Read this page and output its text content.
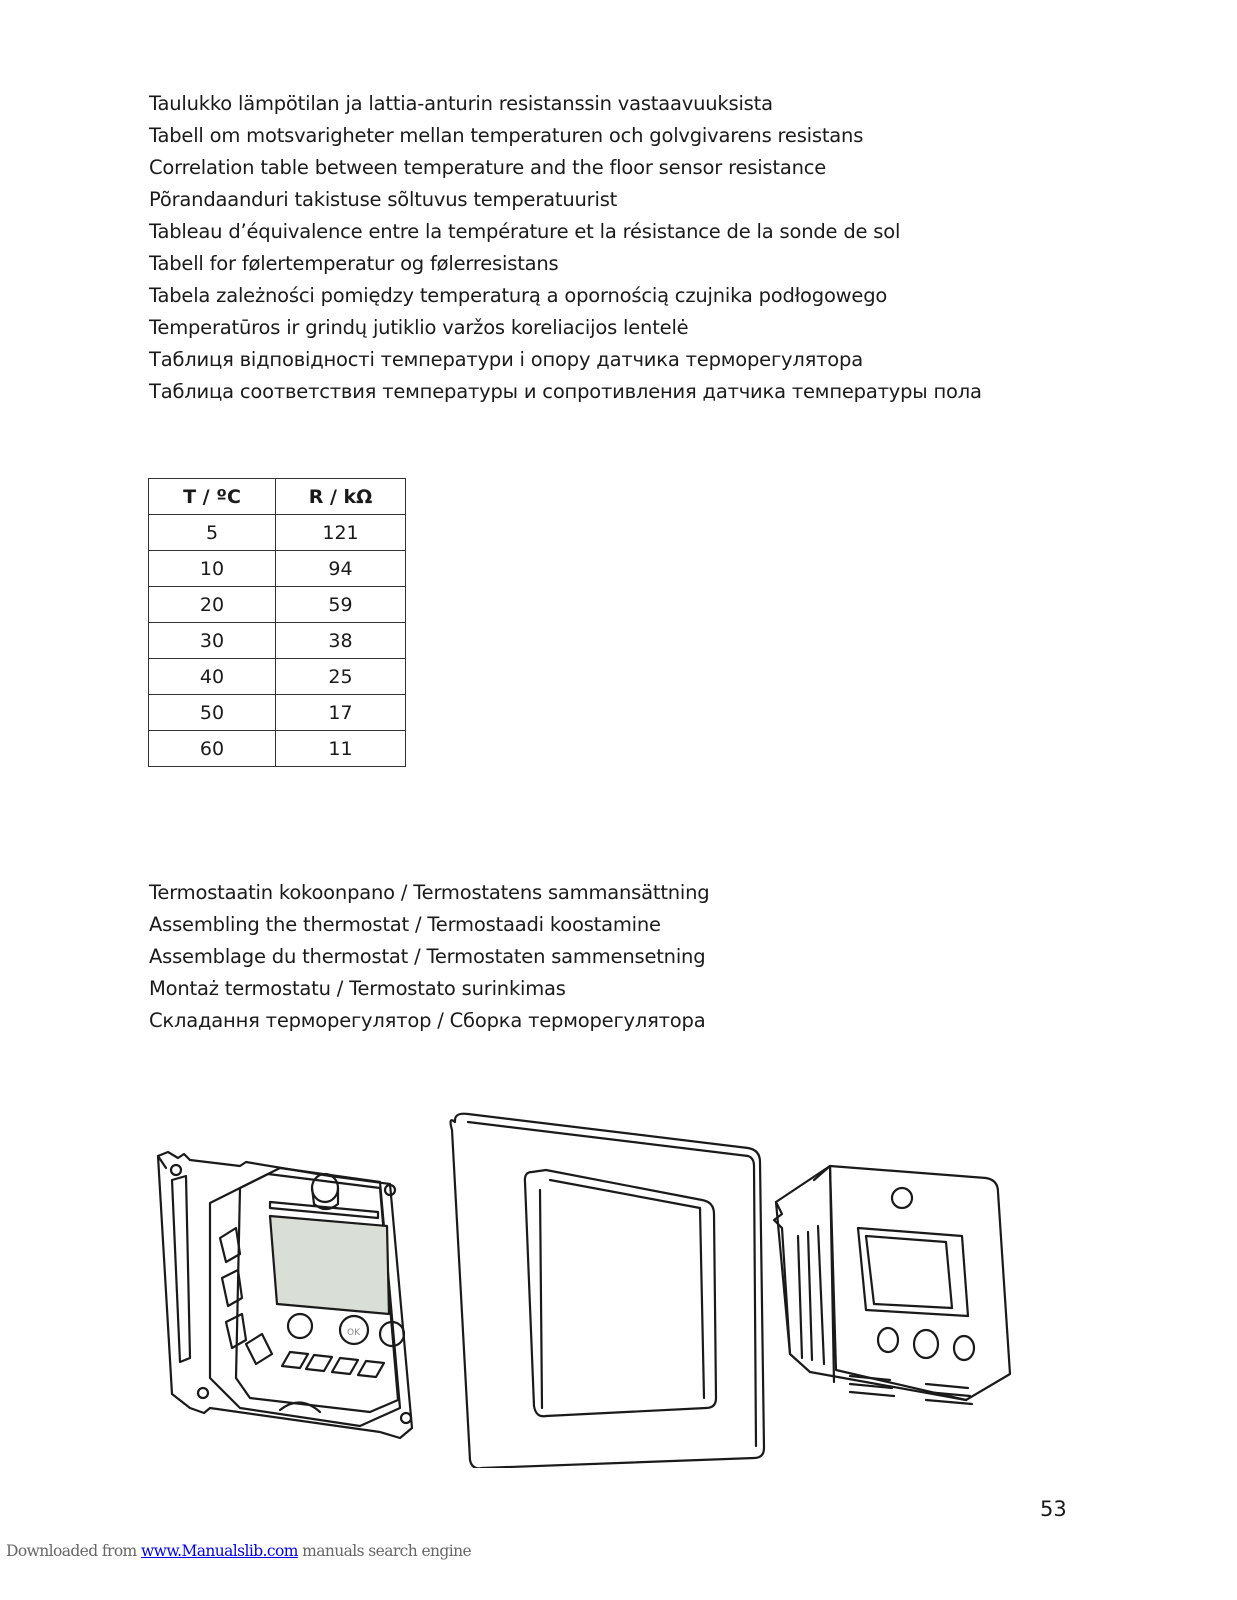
Taulukko lämpötilan ja lattia-anturin resistanssin vastaavuuksista
Tabell om motsvarigheter mellan temperaturen och golvgivarens resistans
Correlation table between temperature and the floor sensor resistance
Põrandaanduri takistuse sõltuvus temperatuurist
Tableau d’équivalence entre la température et la résistance de la sonde de sol
Tabell for følertemperatur og følerresistans
Tabela zależności pomiędzy temperaturą a opornością czujnika podłogowego
Temperatūros ir grindų jutiklio varžos koreliacijos lentelė
Таблиця відповідності температури і опору датчика терморегулятора
Таблица соответствия температуры и сопротивления датчика температуры пола
T / ºC	R / kΩ
5	121
10	94
20	59
30	38
40	25
50	17
60	11
Termostaatin kokoonpano / Termostatens sammansättning
Assembling the thermostat / Termostaadi koostamine
Assemblage du thermostat / Termostaten sammensetning
Montaż termostatu / Termostato surinkimas
Складання терморегулятор / Сборка терморегулятора
OK
53
Downloaded from www.Manualslib.com manuals search engine
